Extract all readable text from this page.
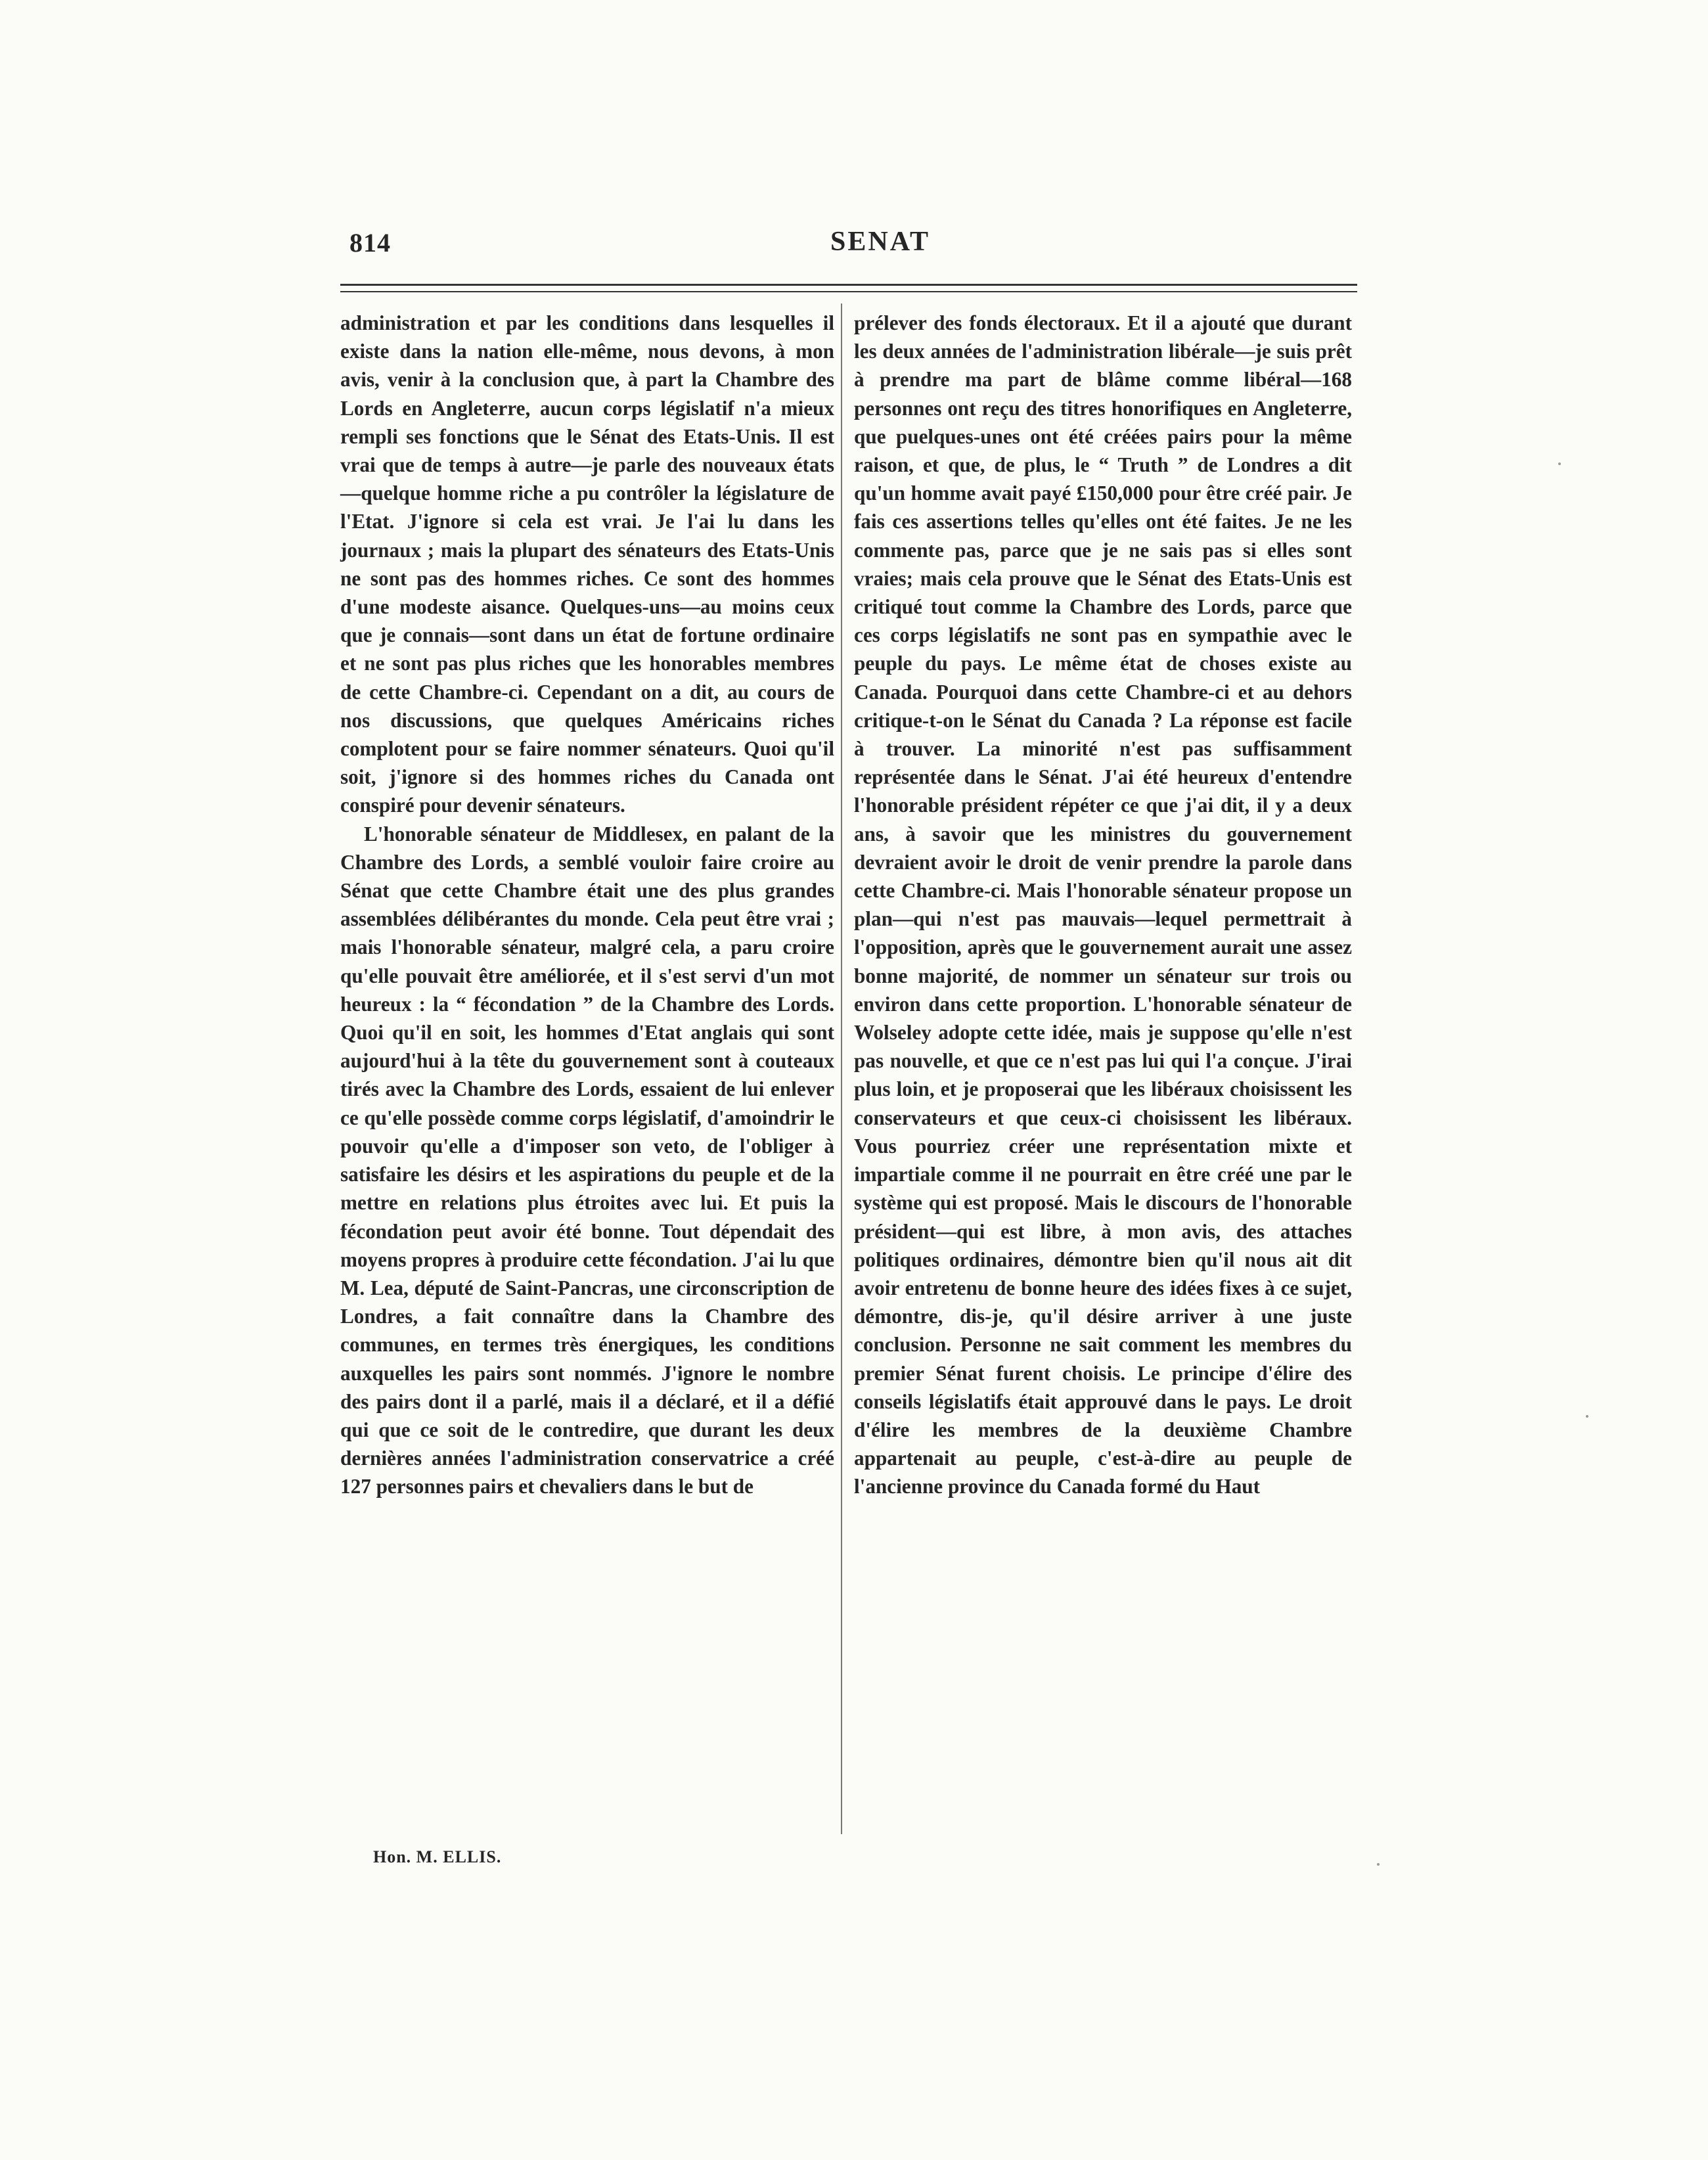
814	SENAT

administration et par les conditions dans lesquelles il existe dans la nation elle-même, nous devons, à mon avis, venir à la conclusion que, à part la Chambre des Lords en Angleterre, aucun corps législatif n'a mieux rempli ses fonctions que le Sénat des Etats-Unis. Il est vrai que de temps à autre—je parle des nouveaux états—quelque homme riche a pu contrôler la législature de l'Etat. J'ignore si cela est vrai. Je l'ai lu dans les journaux ; mais la plupart des sénateurs des Etats-Unis ne sont pas des hommes riches. Ce sont des hommes d'une modeste aisance. Quelques-uns—au moins ceux que je connais—sont dans un état de fortune ordinaire et ne sont pas plus riches que les honorables membres de cette Chambre-ci. Cependant on a dit, au cours de nos discussions, que quelques Américains riches complotent pour se faire nommer sénateurs. Quoi qu'il soit, j'ignore si des hommes riches du Canada ont conspiré pour devenir sénateurs.

L'honorable sénateur de Middlesex, en palant de la Chambre des Lords, a semblé vouloir faire croire au Sénat que cette Chambre était une des plus grandes assemblées délibérantes du monde. Cela peut être vrai ; mais l'honorable sénateur, malgré cela, a paru croire qu'elle pouvait être améliorée, et il s'est servi d'un mot heureux : la “ fécondation ” de la Chambre des Lords. Quoi qu'il en soit, les hommes d'Etat anglais qui sont aujourd'hui à la tête du gouvernement sont à couteaux tirés avec la Chambre des Lords, essaient de lui enlever ce qu'elle possède comme corps législatif, d'amoindrir le pouvoir qu'elle a d'imposer son veto, de l'obliger à satisfaire les désirs et les aspirations du peuple et de la mettre en relations plus étroites avec lui. Et puis la fécondation peut avoir été bonne. Tout dépendait des moyens propres à produire cette fécondation. J'ai lu que M. Lea, député de Saint-Pancras, une circonscription de Londres, a fait connaître dans la Chambre des communes, en termes très énergiques, les conditions auxquelles les pairs sont nommés. J'ignore le nombre des pairs dont il a parlé, mais il a déclaré, et il a défié qui que ce soit de le contredire, que durant les deux dernières années l'administration conservatrice a créé 127 personnes pairs et chevaliers dans le but de

prélever des fonds électoraux. Et il a ajouté que durant les deux années de l'administration libérale—je suis prêt à prendre ma part de blâme comme libéral—168 personnes ont reçu des titres honorifiques en Angleterre, que puelques-unes ont été créées pairs pour la même raison, et que, de plus, le “ Truth ” de Londres a dit qu'un homme avait payé £150,000 pour être créé pair. Je fais ces assertions telles qu'elles ont été faites. Je ne les commente pas, parce que je ne sais pas si elles sont vraies; mais cela prouve que le Sénat des Etats-Unis est critiqué tout comme la Chambre des Lords, parce que ces corps législatifs ne sont pas en sympathie avec le peuple du pays. Le même état de choses existe au Canada. Pourquoi dans cette Chambre-ci et au dehors critique-t-on le Sénat du Canada ? La réponse est facile à trouver. La minorité n'est pas suffisamment représentée dans le Sénat. J'ai été heureux d'entendre l'honorable président répéter ce que j'ai dit, il y a deux ans, à savoir que les ministres du gouvernement devraient avoir le droit de venir prendre la parole dans cette Chambre-ci. Mais l'honorable sénateur propose un plan—qui n'est pas mauvais—lequel permettrait à l'opposition, après que le gouvernement aurait une assez bonne majorité, de nommer un sénateur sur trois ou environ dans cette proportion. L'honorable sénateur de Wolseley adopte cette idée, mais je suppose qu'elle n'est pas nouvelle, et que ce n'est pas lui qui l'a conçue. J'irai plus loin, et je proposerai que les libéraux choisissent les conservateurs et que ceux-ci choisissent les libéraux. Vous pourriez créer une représentation mixte et impartiale comme il ne pourrait en être créé une par le système qui est proposé. Mais le discours de l'honorable président—qui est libre, à mon avis, des attaches politiques ordinaires, démontre bien qu'il nous ait dit avoir entretenu de bonne heure des idées fixes à ce sujet, démontre, dis-je, qu'il désire arriver à une juste conclusion. Personne ne sait comment les membres du premier Sénat furent choisis. Le principe d'élire des conseils législatifs était approuvé dans le pays. Le droit d'élire les membres de la deuxième Chambre appartenait au peuple, c'est-à-dire au peuple de l'ancienne province du Canada formé du Haut

Hon. M. ELLIS.
